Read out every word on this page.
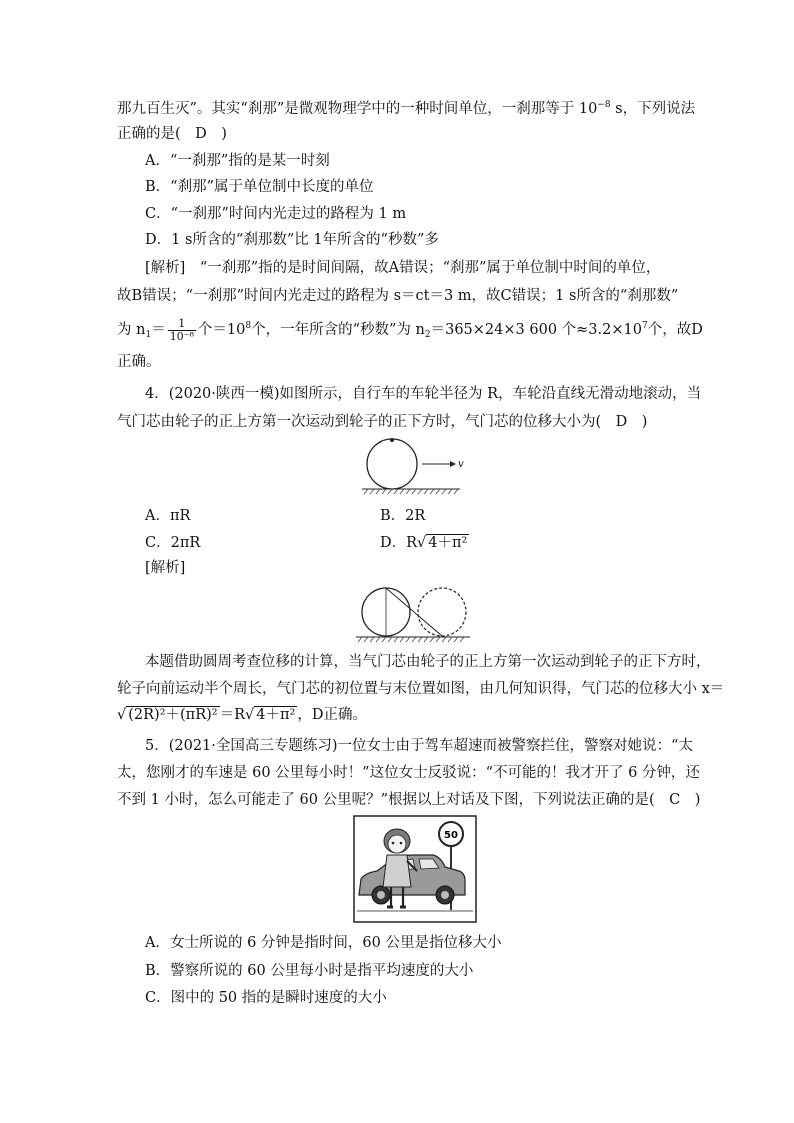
那九百生灭”。其实“刹那”是微观物理学中的一种时间单位，一刹那等于 $10^{-8}$ s，下列说法
正确的是(　D　)
A．“一刹那”指的是某一时刻
B．“刹那”属于单位制中长度的单位
C．“一刹那”时间内光走过的路程为 1 m
D．1 s所含的“刹那数”比 1年所含的“秒数”多
[解析]　“一刹那”指的是时间间隔，故A错误；“刹那”属于单位制中时间的单位，
故B错误；“一刹那”时间内光走过的路程为 s＝ct＝3 m，故C错误；1 s所含的“刹那数”
为 $n_1= \frac{1}{\text{10⁻⁸}}$ 个$=10^8$个，一年所含的“秒数”为 $n_2=365\times 24\times 3$ 600 个$\approx 3.2\times 10^7$个，故D
正确。
4．(2020·陕西一模)如图所示，自行车的车轮半径为 R，车轮沿直线无滑动地滚动，当
气门芯由轮子的正上方第一次运动到轮子的正下方时，气门芯的位移大小为(　D　)
v
A．πR	B．2R
C．2πR	D．R√ 4＋π²
[解析]
本题借助圆周考查位移的计算，当气门芯由轮子的正上方第一次运动到轮子的正下方时，
轮子向前运动半个周长，气门芯的初位置与末位置如图，由几何知识得，气门芯的位移大小 x＝
√ (2R)²＋(πR)² ＝R√ 4＋π² ，D正确。
5．(2021·全国高三专题练习)一位女士由于驾车超速而被警察拦住，警察对她说：“太
太，您刚才的车速是 60 公里每小时！”这位女士反驳说：“不可能的！我才开了 6 分钟，还
不到 1 小时，怎么可能走了 60 公里呢？”根据以上对话及下图，下列说法正确的是(　C　)
50
A．女士所说的 6 分钟是指时间，60 公里是指位移大小
B．警察所说的 60 公里每小时是指平均速度的大小
C．图中的 50 指的是瞬时速度的大小
